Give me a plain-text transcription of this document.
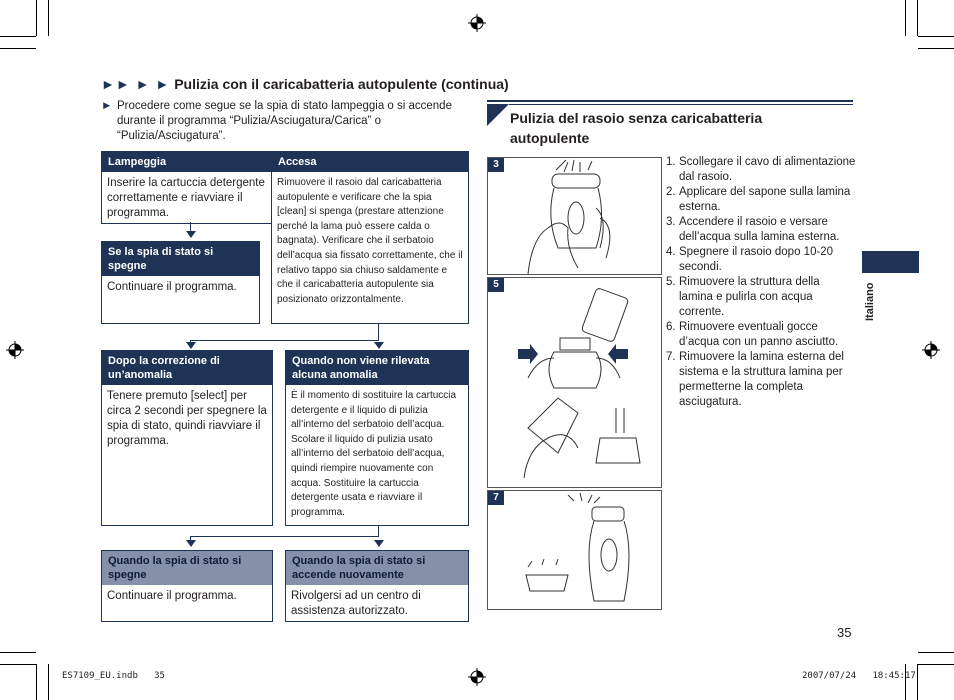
►► ► ► Pulizia con il caricabatteria autopulente (continua)
► Procedere come segue se la spia di stato lampeggia o si accende durante il programma “Pulizia/Asciugatura/Carica” o “Pulizia/Asciugatura”.
Lampeggia
Inserire la cartuccia detergente correttamente e riavviare il programma.
Accesa
Rimuovere il rasoio dal caricabatteria autopulente e verificare che la spia [clean] si spenga (prestare attenzione perché la lama può essere calda o bagnata). Verificare che il serbatoio dell’acqua sia fissato correttamente, che il relativo tappo sia chiuso saldamente e che il caricabatteria autopulente sia posizionato orizzontalmente.
Se la spia di stato si spegne
Continuare il programma.
Dopo la correzione di un’anomalia
Tenere premuto [select] per circa 2 secondi per spegnere la spia di stato, quindi riavviare il programma.
Quando non viene rilevata alcuna anomalia
È il momento di sostituire la cartuccia detergente e il liquido di pulizia all’interno del serbatoio dell’acqua. Scolare il liquido di pulizia usato all’interno del serbatoio dell’acqua, quindi riempire nuovamente con acqua. Sostituire la cartuccia detergente usata e riavviare il programma.
Quando la spia di stato si spegne
Continuare il programma.
Quando la spia di stato si accende nuovamente
Rivolgersi ad un centro di assistenza autorizzato.
Pulizia del rasoio senza caricabatteria autopulente
3
5
7
1. Scollegare il cavo di alimentazione dal rasoio.
2. Applicare del sapone sulla lamina esterna.
3. Accendere il rasoio e versare dell’acqua sulla lamina esterna.
4. Spegnere il rasoio dopo 10-20 secondi.
5. Rimuovere la struttura della lamina e pulirla con acqua corrente.
6. Rimuovere eventuali gocce d’acqua con un panno asciutto.
7. Rimuovere la lamina esterna del sistema e la struttura lamina per permetterne la completa asciugatura.
Italiano
35
ES7109_EU.indb   35	2007/07/24   18:45:17
